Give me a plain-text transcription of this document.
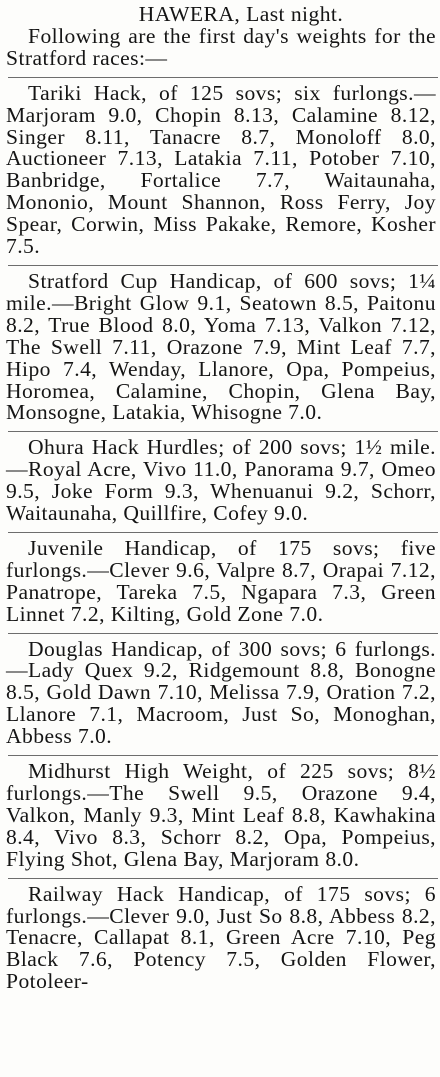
HAWERA, Last night.

Following are the first day's weights for the Stratford races:—

Tariki Hack, of 125 sovs; six furlongs.—Marjoram 9.0, Chopin 8.13, Calamine 8.12, Singer 8.11, Tanacre 8.7, Monoloff 8.0, Auctioneer 7.13, Latakia 7.11, Potober 7.10, Banbridge, Fortalice 7.7, Waitaunaha, Mononio, Mount Shannon, Ross Ferry, Joy Spear, Corwin, Miss Pakake, Remore, Kosher 7.5.

Stratford Cup Handicap, of 600 sovs; 1¼ mile.—Bright Glow 9.1, Seatown 8.5, Paitonu 8.2, True Blood 8.0, Yoma 7.13, Valkon 7.12, The Swell 7.11, Orazone 7.9, Mint Leaf 7.7, Hipo 7.4, Wenday, Llanore, Opa, Pompeius, Horomea, Calamine, Chopin, Glena Bay, Monsogne, Latakia, Whisogne 7.0.

Ohura Hack Hurdles; of 200 sovs; 1½ mile.—Royal Acre, Vivo 11.0, Panorama 9.7, Omeo 9.5, Joke Form 9.3, Whenuanui 9.2, Schorr, Waitaunaha, Quillfire, Cofey 9.0.

Juvenile Handicap, of 175 sovs; five furlongs.—Clever 9.6, Valpre 8.7, Orapai 7.12, Panatrope, Tareka 7.5, Ngapara 7.3, Green Linnet 7.2, Kilting, Gold Zone 7.0.

Douglas Handicap, of 300 sovs; 6 furlongs.—Lady Quex 9.2, Ridgemount 8.8, Bonogne 8.5, Gold Dawn 7.10, Melissa 7.9, Oration 7.2, Llanore 7.1, Macroom, Just So, Monoghan, Abbess 7.0.

Midhurst High Weight, of 225 sovs; 8½ furlongs.—The Swell 9.5, Orazone 9.4, Valkon, Manly 9.3, Mint Leaf 8.8, Kawhakina 8.4, Vivo 8.3, Schorr 8.2, Opa, Pompeius, Flying Shot, Glena Bay, Marjoram 8.0.

Railway Hack Handicap, of 175 sovs; 6 furlongs.—Clever 9.0, Just So 8.8, Abbess 8.2, Tenacre, Callapat 8.1, Green Acre 7.10, Peg Black 7.6, Potency 7.5, Golden Flower, Potoleer-
